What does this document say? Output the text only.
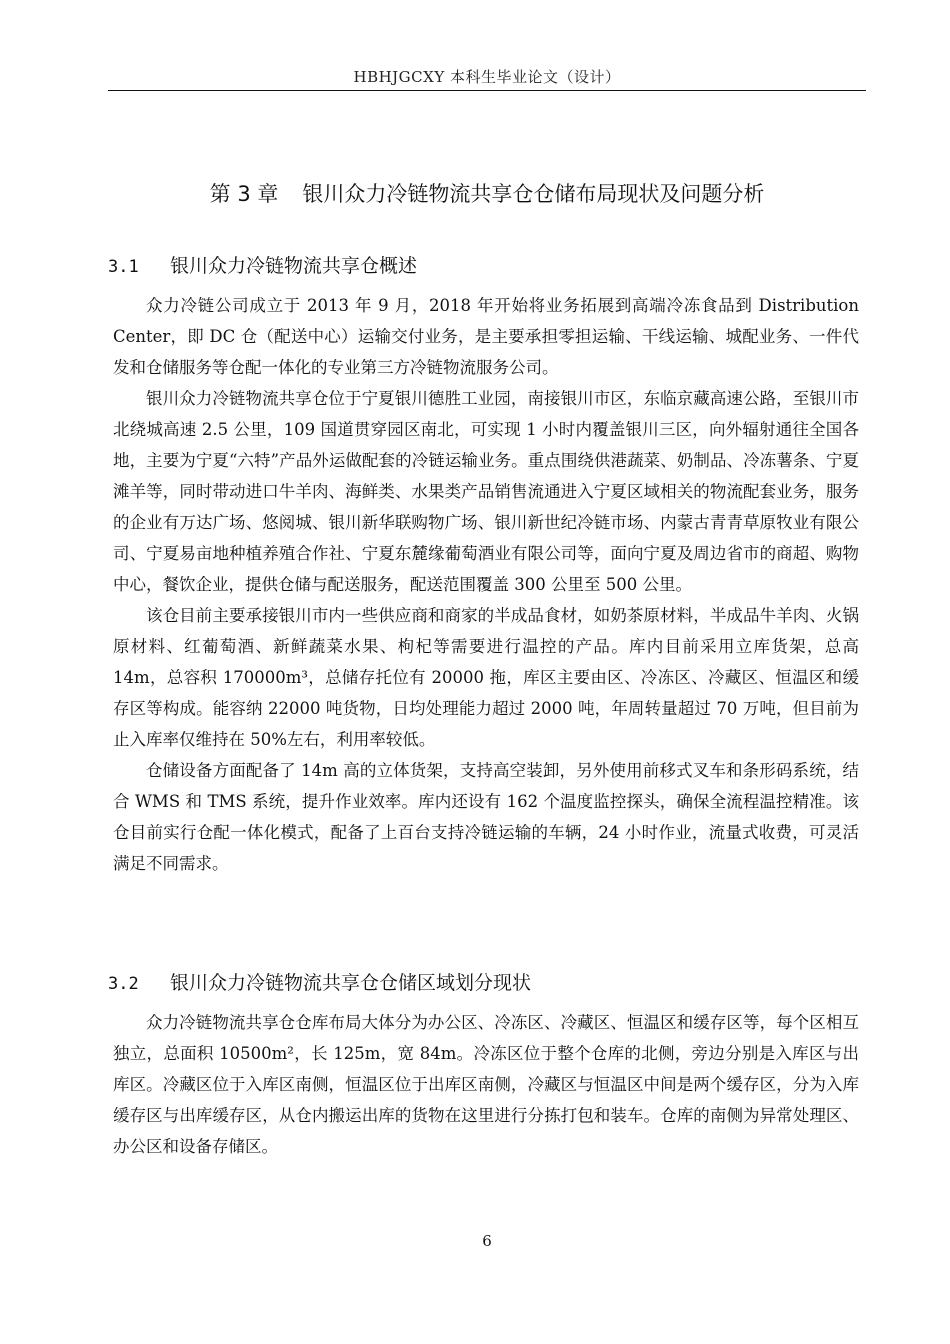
HBHJGCXY 本科生毕业论文（设计）
第 3 章 银川众力冷链物流共享仓仓储布局现状及问题分析
3.1 银川众力冷链物流共享仓概述

众力冷链公司成立于 2013 年 9 月，2018 年开始将业务拓展到高端冷冻食品到 Distribution Center，即 DC 仓（配送中心）运输交付业务，是主要承担零担运输、干线运输、城配业务、一件代发和仓储服务等仓配一体化的专业第三方冷链物流服务公司。

银川众力冷链物流共享仓位于宁夏银川德胜工业园，南接银川市区，东临京藏高速公路，至银川市北绕城高速 2.5 公里，109 国道贯穿园区南北，可实现 1 小时内覆盖银川三区，向外辐射通往全国各地，主要为宁夏“六特”产品外运做配套的冷链运输业务。重点围绕供港蔬菜、奶制品、冷冻薯条、宁夏滩羊等，同时带动进口牛羊肉、海鲜类、水果类产品销售流通进入宁夏区域相关的物流配套业务，服务的企业有万达广场、悠阅城、银川新华联购物广场、银川新世纪冷链市场、内蒙古青青草原牧业有限公司、宁夏易亩地种植养殖合作社、宁夏东麓缘葡萄酒业有限公司等，面向宁夏及周边省市的商超、购物中心，餐饮企业，提供仓储与配送服务，配送范围覆盖 300 公里至 500 公里。

该仓目前主要承接银川市内一些供应商和商家的半成品食材，如奶茶原材料，半成品牛羊肉、火锅原材料、红葡萄酒、新鲜蔬菜水果、枸杞等需要进行温控的产品。库内目前采用立库货架，总高 14m，总容积 170000m³，总储存托位有 20000 拖，库区主要由区、冷冻区、冷藏区、恒温区和缓存区等构成。能容纳 22000 吨货物，日均处理能力超过 2000 吨，年周转量超过 70 万吨，但目前为止入库率仅维持在 50%左右，利用率较低。

仓储设备方面配备了 14m 高的立体货架，支持高空装卸，另外使用前移式叉车和条形码系统，结合 WMS 和 TMS 系统，提升作业效率。库内还设有 162 个温度监控探头，确保全流程温控精准。该仓目前实行仓配一体化模式，配备了上百台支持冷链运输的车辆，24 小时作业，流量式收费，可灵活满足不同需求。

3.2 银川众力冷链物流共享仓仓储区域划分现状

众力冷链物流共享仓仓库布局大体分为办公区、冷冻区、冷藏区、恒温区和缓存区等，每个区相互独立，总面积 10500m²，长 125m，宽 84m。冷冻区位于整个仓库的北侧，旁边分别是入库区与出库区。冷藏区位于入库区南侧，恒温区位于出库区南侧，冷藏区与恒温区中间是两个缓存区，分为入库缓存区与出库缓存区，从仓内搬运出库的货物在这里进行分拣打包和装车。仓库的南侧为异常处理区、办公区和设备存储区。

6
